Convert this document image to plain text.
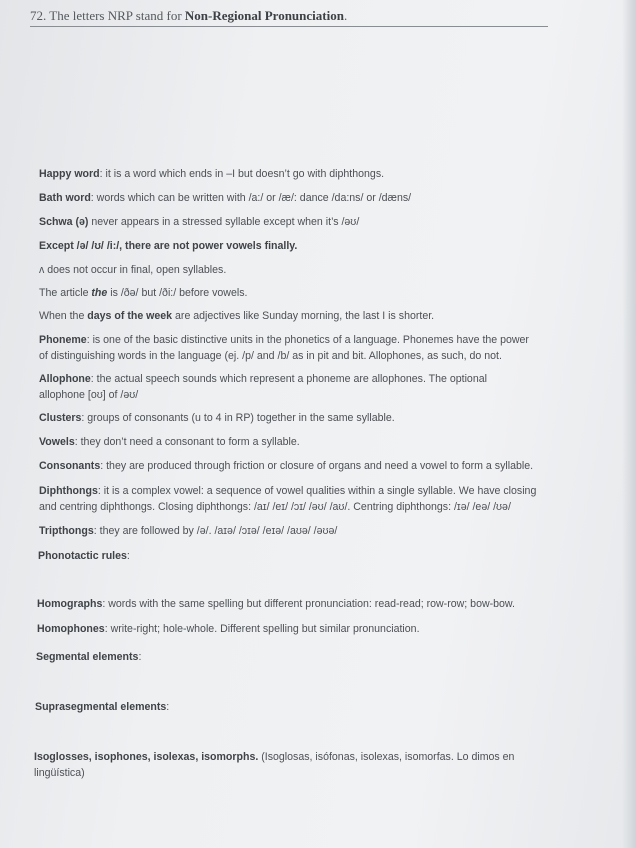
72. The letters NRP stand for Non-Regional Pronunciation.
Happy word: it is a word which ends in –I but doesn’t go with diphthongs.
Bath word: words which can be written with /a:/ or /æ/: dance /da:ns/ or /dæns/
Schwa (ə) never appears in a stressed syllable except when it’s /əʊ/
Except /ə/ /ʊ/ /i:/, there are not power vowels finally.
ʌ does not occur in final, open syllables.
The article the is /ðə/ but /ði:/ before vowels.
When the days of the week are adjectives like Sunday morning, the last I is shorter.
Phoneme: is one of the basic distinctive units in the phonetics of a language. Phonemes have the power
of distinguishing words in the language (ej. /p/ and /b/ as in pit and bit. Allophones, as such, do not.
Allophone: the actual speech sounds which represent a phoneme are allophones. The optional
allophone [oʊ] of /əʊ/
Clusters: groups of consonants (u to 4 in RP) together in the same syllable.
Vowels: they don’t need a consonant to form a syllable.
Consonants: they are produced through friction or closure of organs and need a vowel to form a syllable.
Diphthongs: it is a complex vowel: a sequence of vowel qualities within a single syllable. We have closing
and centring diphthongs. Closing diphthongs: /aɪ/ /eɪ/ /ɔɪ/ /əʊ/ /aʊ/. Centring diphthongs: /ɪə/ /eə/ /ʊə/
Tripthongs: they are followed by /ə/. /aɪə/ /ɔɪə/ /eɪə/ /aʊə/ /əʊə/
Phonotactic rules:
Homographs: words with the same spelling but different pronunciation: read-read; row-row; bow-bow.
Homophones: write-right; hole-whole. Different spelling but similar pronunciation.
Segmental elements:
Suprasegmental elements:
Isoglosses, isophones, isolexas, isomorphs. (Isoglosas, isófonas, isolexas, isomorfas. Lo dimos en
lingüística)
